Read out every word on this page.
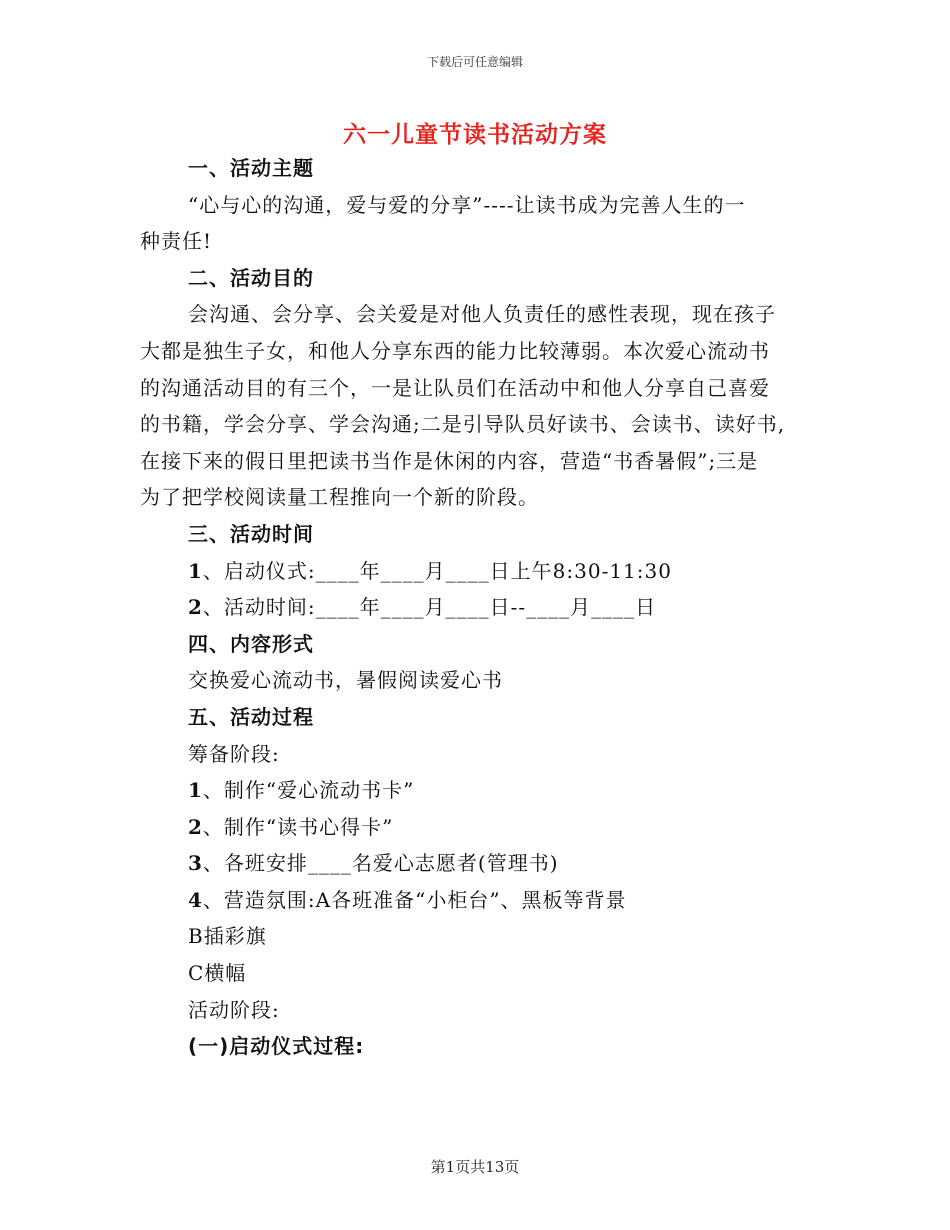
下载后可任意编辑
六一儿童节读书活动方案
一、活动主题
“心与心的沟通，爱与爱的分享”----让读书成为完善人生的一
种责任!
二、活动目的
会沟通、会分享、会关爱是对他人负责任的感性表现，现在孩子
大都是独生子女，和他人分享东西的能力比较薄弱。本次爱心流动书
的沟通活动目的有三个，一是让队员们在活动中和他人分享自己喜爱
的书籍，学会分享、学会沟通;二是引导队员好读书、会读书、读好书,
在接下来的假日里把读书当作是休闲的内容，营造“书香暑假”;三是
为了把学校阅读量工程推向一个新的阶段。
三、活动时间
1、启动仪式:____年____月____日上午8:30-11:30
2、活动时间:____年____月____日--____月____日
四、内容形式
交换爱心流动书，暑假阅读爱心书
五、活动过程
筹备阶段:
1、制作“爱心流动书卡”
2、制作“读书心得卡”
3、各班安排____名爱心志愿者(管理书)
4、营造氛围:A各班准备“小柜台”、黑板等背景
B插彩旗
C横幅
活动阶段:
(一)启动仪式过程:
第1页共13页
